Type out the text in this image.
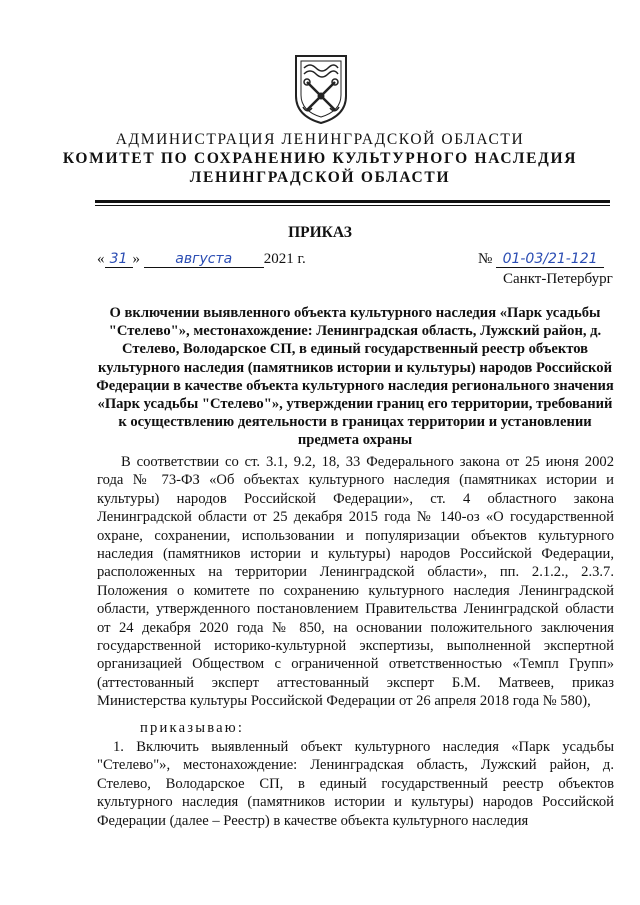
АДМИНИСТРАЦИЯ ЛЕНИНГРАДСКОЙ ОБЛАСТИ
КОМИТЕТ ПО СОХРАНЕНИЮ КУЛЬТУРНОГО НАСЛЕДИЯ
ЛЕНИНГРАДСКОЙ ОБЛАСТИ
ПРИКАЗ
« 31 »	августа 2021 г.	№ 01-03/21-121
Санкт-Петербург
О включении выявленного объекта культурного наследия «Парк усадьбы "Стелево"», местонахождение: Ленинградская область, Лужский район, д. Стелево, Володарское СП, в единый государственный реестр объектов культурного наследия (памятников истории и культуры) народов Российской Федерации в качестве объекта культурного наследия регионального значения «Парк усадьбы "Стелево"», утверждении границ его территории, требований к осуществлению деятельности в границах территории и установлении предмета охраны
В соответствии со ст. 3.1, 9.2, 18, 33 Федерального закона от 25 июня 2002 года № 73-ФЗ «Об объектах культурного наследия (памятниках истории и культуры) народов Российской Федерации», ст. 4 областного закона Ленинградской области от 25 декабря 2015 года № 140-оз «О государственной охране, сохранении, использовании и популяризации объектов культурного наследия (памятников истории и культуры) народов Российской Федерации, расположенных на территории Ленинградской области», пп. 2.1.2., 2.3.7. Положения о комитете по сохранению культурного наследия Ленинградской области, утвержденного постановлением Правительства Ленинградской области от 24 декабря 2020 года № 850, на основании положительного заключения государственной историко-культурной экспертизы, выполненной экспертной организацией Обществом с ограниченной ответственностью «Темпл Групп» (аттестованный эксперт аттестованный эксперт Б.М. Матвеев, приказ Министерства культуры Российской Федерации от 26 апреля 2018 года № 580),
приказываю:
1. Включить выявленный объект культурного наследия «Парк усадьбы "Стелево"», местонахождение: Ленинградская область, Лужский район, д. Стелево, Володарское СП, в единый государственный реестр объектов культурного наследия (памятников истории и культуры) народов Российской Федерации (далее – Реестр) в качестве объекта культурного наследия
